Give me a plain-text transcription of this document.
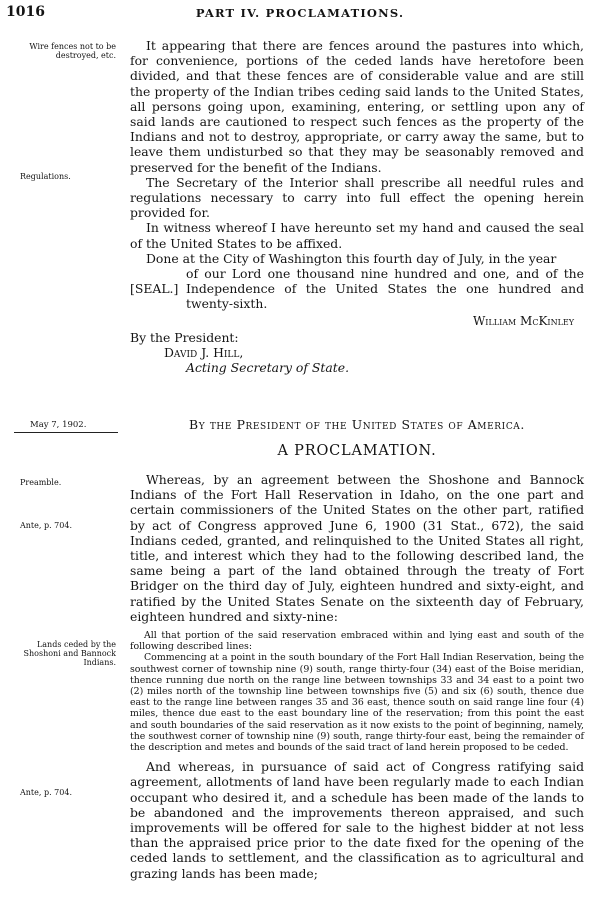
1016	PART IV. PROCLAMATIONS.
Wire fences not to be destroyed, etc.
Regulations.

It appearing that there are fences around the pastures into which, for convenience, portions of the ceded lands have heretofore been divided, and that these fences are of considerable value and are still the property of the Indian tribes ceding said lands to the United States, all persons going upon, examining, entering, or settling upon any of said lands are cautioned to respect such fences as the property of the Indians and not to destroy, appropriate, or carry away the same, but to leave them undisturbed so that they may be seasonably removed and preserved for the benefit of the Indians.

The Secretary of the Interior shall prescribe all needful rules and regulations necessary to carry into full effect the opening herein provided for.

In witness whereof I have hereunto set my hand and caused the seal of the United States to be affixed.

Done at the City of Washington this fourth day of July, in the year

[SEAL.]

of our Lord one thousand nine hundred and one, and of the Independence of the United States the one hundred and twenty-sixth.

William McKinley
By the President:
David J. Hill,
Acting Secretary of State.
May 7, 1902.	By the President of the United States of America.
A PROCLAMATION.
Preamble.
Ante, p. 704.
Lands ceded by the Shoshoni and Bannock Indians.
Ante, p. 704.

Whereas, by an agreement between the Shoshone and Bannock Indians of the Fort Hall Reservation in Idaho, on the one part and certain commissioners of the United States on the other part, ratified by act of Congress approved June 6, 1900 (31 Stat., 672), the said Indians ceded, granted, and relinquished to the United States all right, title, and interest which they had to the following described land, the same being a part of the land obtained through the treaty of Fort Bridger on the third day of July, eighteen hundred and sixty-eight, and ratified by the United States Senate on the sixteenth day of February, eighteen hundred and sixty-nine:

All that portion of the said reservation embraced within and lying east and south of the following described lines:

Commencing at a point in the south boundary of the Fort Hall Indian Reservation, being the southwest corner of township nine (9) south, range thirty-four (34) east of the Boise meridian, thence running due north on the range line between townships 33 and 34 east to a point two (2) miles north of the township line between townships five (5) and six (6) south, thence due east to the range line between ranges 35 and 36 east, thence south on said range line four (4) miles, thence due east to the east boundary line of the reservation; from this point the east and south boundaries of the said reservation as it now exists to the point of beginning, namely, the southwest corner of township nine (9) south, range thirty-four east, being the remainder of the description and metes and bounds of the said tract of land herein proposed to be ceded.

And whereas, in pursuance of said act of Congress ratifying said agreement, allotments of land have been regularly made to each Indian occupant who desired it, and a schedule has been made of the lands to be abandoned and the improvements thereon appraised, and such improvements will be offered for sale to the highest bidder at not less than the appraised price prior to the date fixed for the opening of the ceded lands to settlement, and the classification as to agricultural and grazing lands has been made;
